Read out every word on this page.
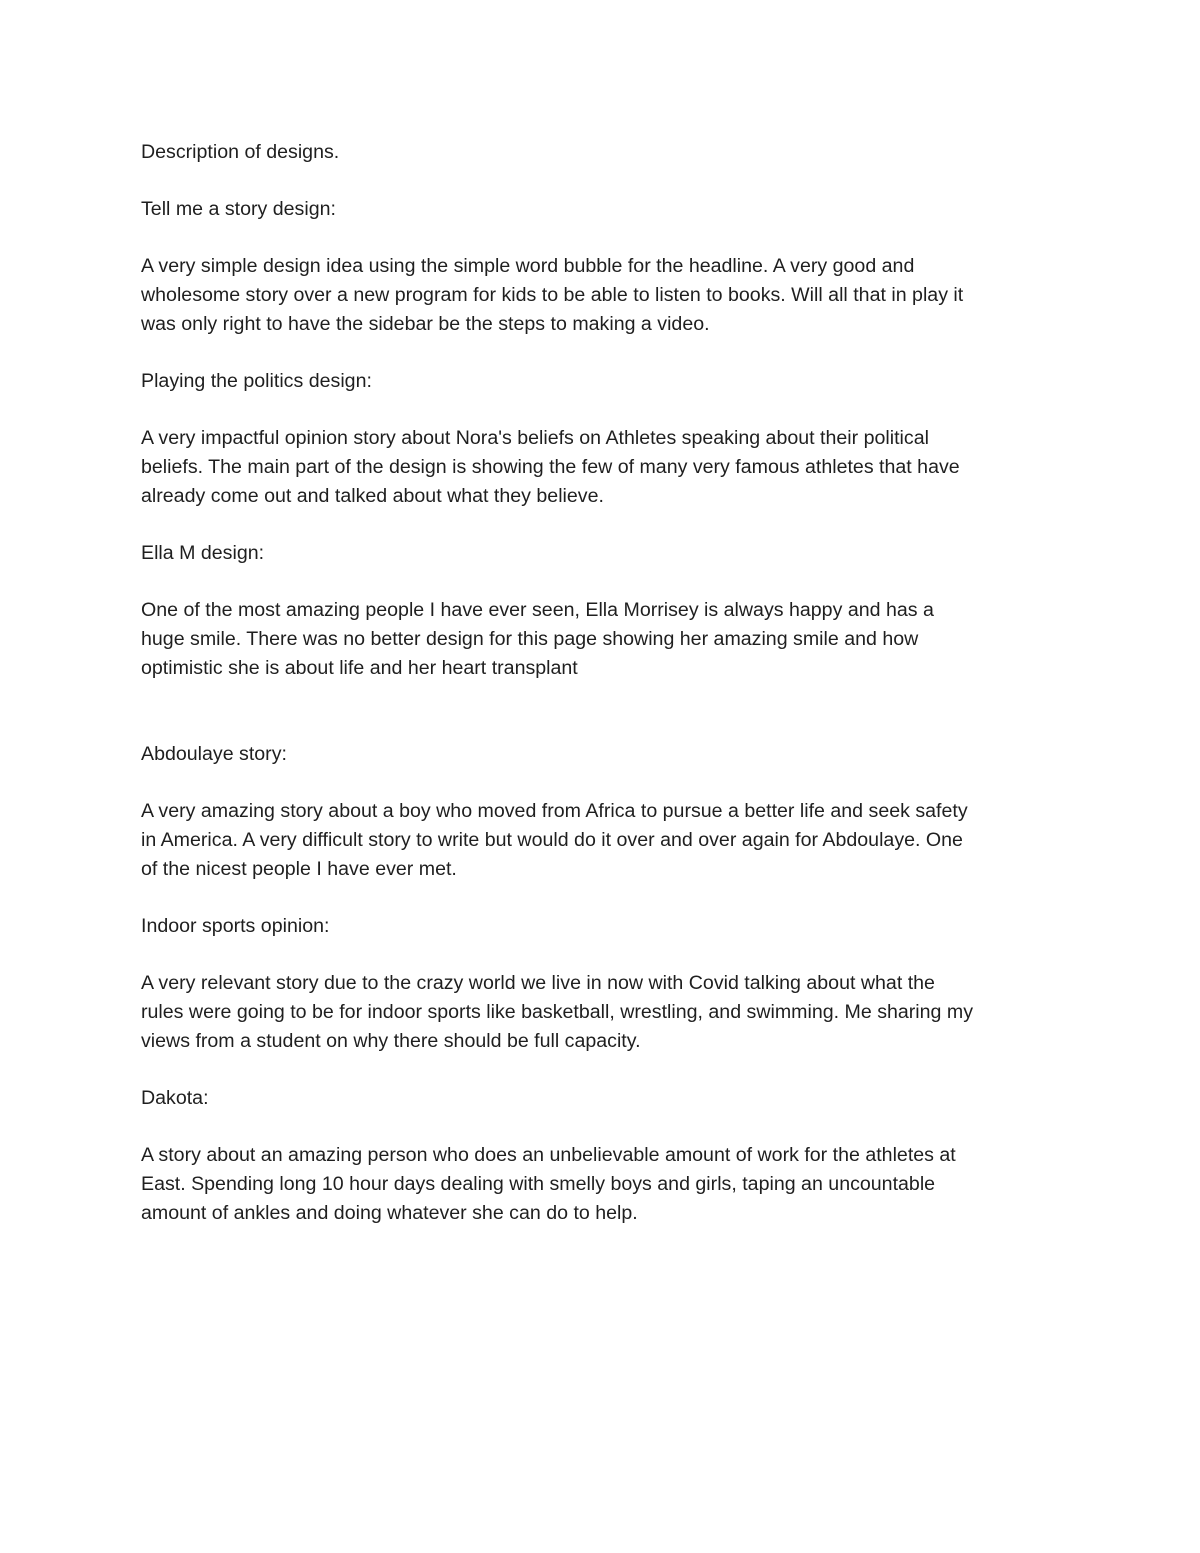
Description of designs.

Tell me a story design:

A very simple design idea using the simple word bubble for the headline. A very good and
wholesome story over a new program for kids to be able to listen to books. Will all that in play it
was only right to have the sidebar be the steps to making a video.

Playing the politics design:

A very impactful opinion story about Nora's beliefs on Athletes speaking about their political
beliefs. The main part of the design is showing the few of many very famous athletes that have
already come out and talked about what they believe.

Ella M design:

One of the most amazing people I have ever seen, Ella Morrisey is always happy and has a
huge smile. There was no better design for this page showing her amazing smile and how
optimistic she is about life and her heart transplant

Abdoulaye story:

A very amazing story about a boy who moved from Africa to pursue a better life and seek safety
in America. A very difficult story to write but would do it over and over again for Abdoulaye. One
of the nicest people I have ever met.

Indoor sports opinion:

A very relevant story due to the crazy world we live in now with Covid talking about what the
rules were going to be for indoor sports like basketball, wrestling, and swimming. Me sharing my
views from a student on why there should be full capacity.

Dakota:

A story about an amazing person who does an unbelievable amount of work for the athletes at
East. Spending long 10 hour days dealing with smelly boys and girls, taping an uncountable
amount of ankles and doing whatever she can do to help.
